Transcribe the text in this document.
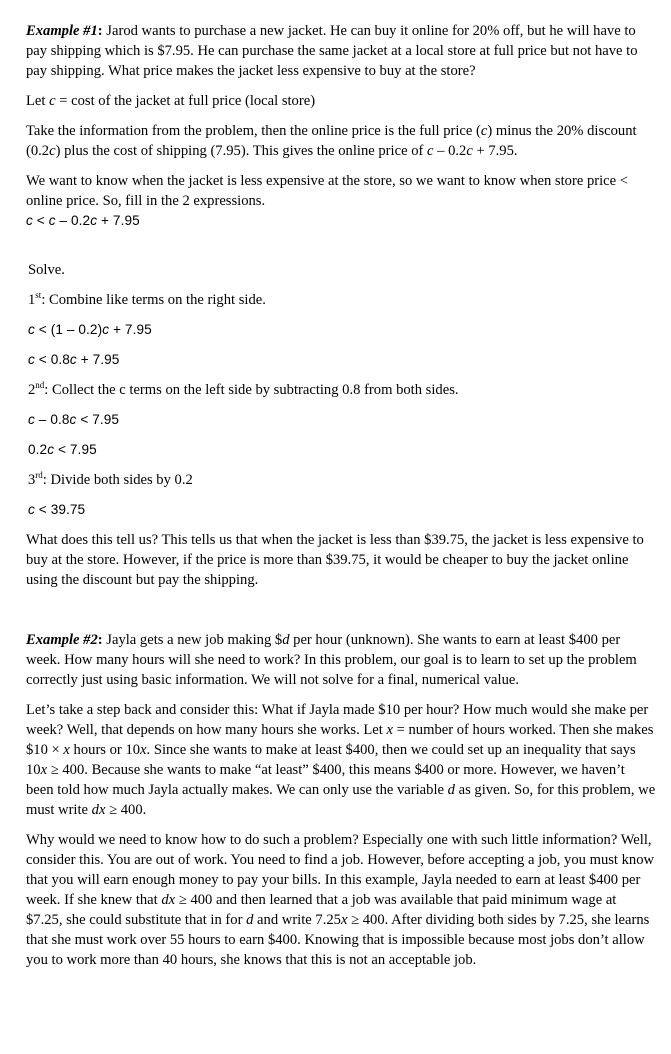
Example #1: Jarod wants to purchase a new jacket. He can buy it online for 20% off, but he will have to pay shipping which is $7.95. He can purchase the same jacket at a local store at full price but not have to pay shipping. What price makes the jacket less expensive to buy at the store?

Let c = cost of the jacket at full price (local store)

Take the information from the problem, then the online price is the full price (c) minus the 20% discount (0.2c) plus the cost of shipping (7.95). This gives the online price of c – 0.2c + 7.95.

We want to know when the jacket is less expensive at the store, so we want to know when store price < online price. So, fill in the 2 expressions.

c < c – 0.2c + 7.95

Solve.

1st: Combine like terms on the right side.

c < (1 – 0.2)c + 7.95

c < 0.8c + 7.95

2nd: Collect the c terms on the left side by subtracting 0.8 from both sides.

c – 0.8c < 7.95

0.2c < 7.95

3rd: Divide both sides by 0.2

c < 39.75

What does this tell us? This tells us that when the jacket is less than $39.75, the jacket is less expensive to buy at the store. However, if the price is more than $39.75, it would be cheaper to buy the jacket online using the discount but pay the shipping.

Example #2: Jayla gets a new job making $d per hour (unknown). She wants to earn at least $400 per week. How many hours will she need to work? In this problem, our goal is to learn to set up the problem correctly just using basic information. We will not solve for a final, numerical value.

Let’s take a step back and consider this: What if Jayla made $10 per hour? How much would she make per week? Well, that depends on how many hours she works. Let x = number of hours worked. Then she makes $10 × x hours or 10x. Since she wants to make at least $400, then we could set up an inequality that says 10x ≥ 400. Because she wants to make “at least” $400, this means $400 or more. However, we haven’t been told how much Jayla actually makes. We can only use the variable d as given. So, for this problem, we must write dx ≥ 400.

Why would we need to know how to do such a problem? Especially one with such little information? Well, consider this. You are out of work. You need to find a job. However, before accepting a job, you must know that you will earn enough money to pay your bills. In this example, Jayla needed to earn at least $400 per week. If she knew that dx ≥ 400 and then learned that a job was available that paid minimum wage at $7.25, she could substitute that in for d and write 7.25x ≥ 400. After dividing both sides by 7.25, she learns that she must work over 55 hours to earn $400. Knowing that is impossible because most jobs don’t allow you to work more than 40 hours, she knows that this is not an acceptable job.
